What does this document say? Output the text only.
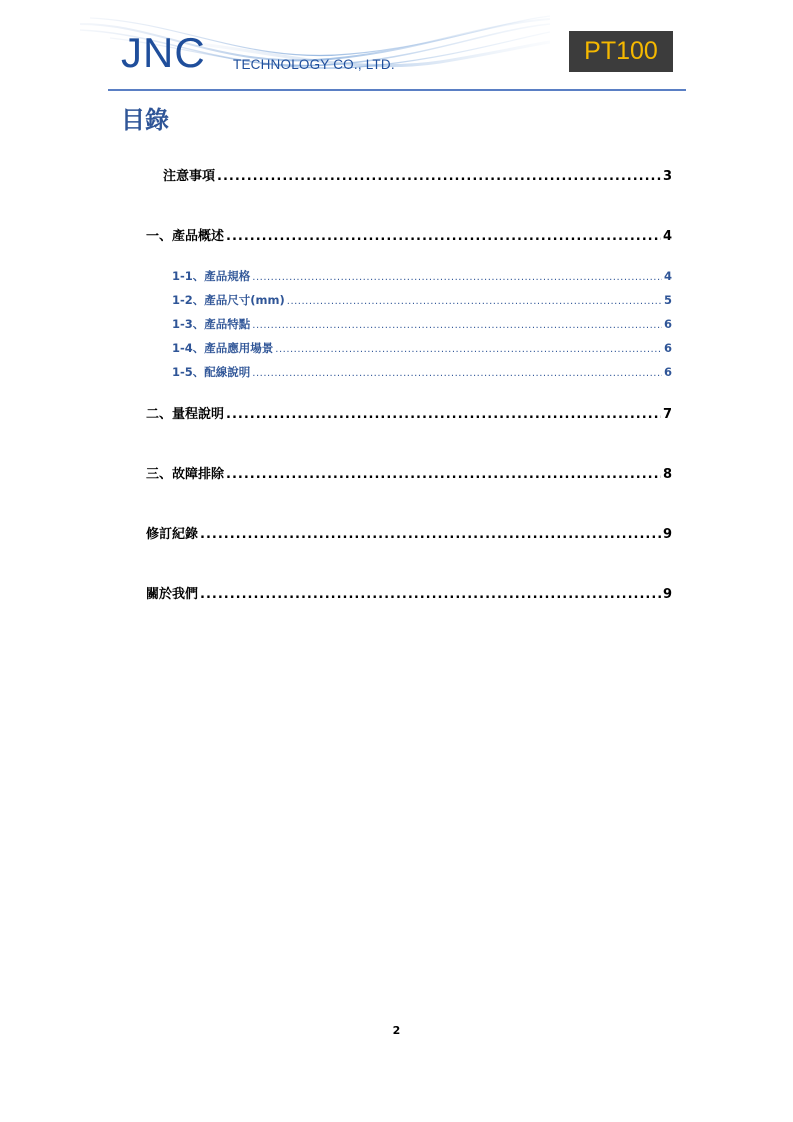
JNC TECHNOLOGY CO., LTD.	PT100
目錄
注意事項 .....	3
一、產品概述 .....	4
1-1、產品規格 .....	4
1-2、產品尺寸(mm) .....	5
1-3、產品特點 .....	6
1-4、產品應用場景 .....	6
1-5、配線說明 .....	6
二、量程說明 .....	7
三、故障排除 .....	8
修訂紀錄 .....	9
關於我們 .....	9
2
